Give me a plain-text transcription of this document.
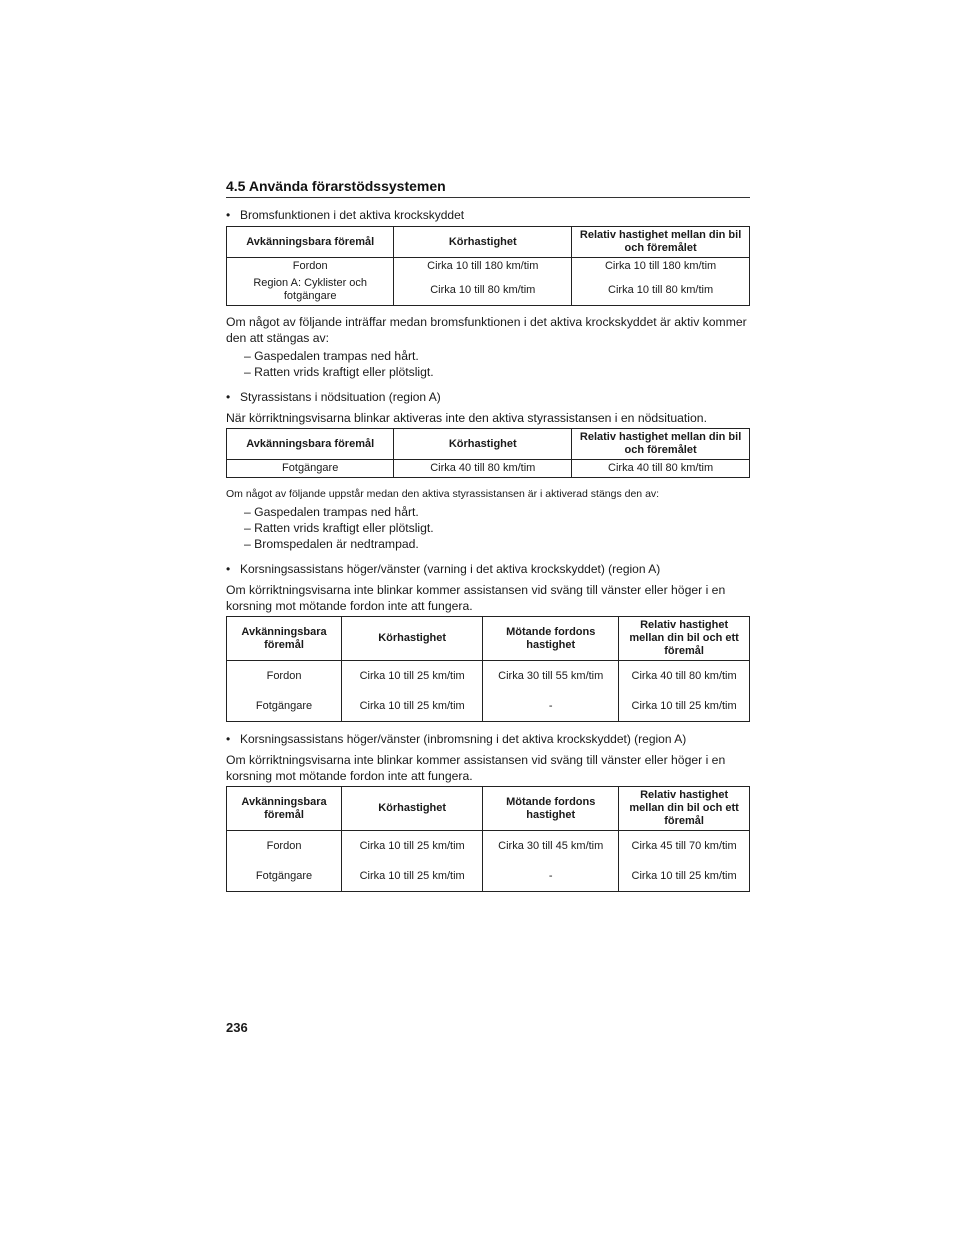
4.5 Använda förarstödssystemen
• Bromsfunktionen i det aktiva krockskyddet
Avkänningsbara föremål	Körhastighet	Relativ hastighet mellan din bil och föremålet
Fordon	Cirka 10 till 180 km/tim	Cirka 10 till 180 km/tim
Region A: Cyklister och fotgängare	Cirka 10 till 80 km/tim	Cirka 10 till 80 km/tim
Om något av följande inträffar medan bromsfunktionen i det aktiva krockskyddet är aktiv kommer den att stängas av:
– Gaspedalen trampas ned hårt.
– Ratten vrids kraftigt eller plötsligt.
• Styrassistans i nödsituation (region A)
När körriktningsvisarna blinkar aktiveras inte den aktiva styrassistansen i en nödsituation.
Avkänningsbara föremål	Körhastighet	Relativ hastighet mellan din bil och föremålet
Fotgängare	Cirka 40 till 80 km/tim	Cirka 40 till 80 km/tim
Om något av följande uppstår medan den aktiva styrassistansen är i aktiverad stängs den av:
– Gaspedalen trampas ned hårt.
– Ratten vrids kraftigt eller plötsligt.
– Bromspedalen är nedtrampad.
• Korsningsassistans höger/vänster (varning i det aktiva krockskyddet) (region A)
Om körriktningsvisarna inte blinkar kommer assistansen vid sväng till vänster eller höger i en korsning mot mötande fordon inte att fungera.
Avkänningsbara föremål	Körhastighet	Mötande fordons hastighet	Relativ hastighet mellan din bil och ett föremål
Fordon	Cirka 10 till 25 km/tim	Cirka 30 till 55 km/tim	Cirka 40 till 80 km/tim
Fotgängare	Cirka 10 till 25 km/tim	-	Cirka 10 till 25 km/tim
• Korsningsassistans höger/vänster (inbromsning i det aktiva krockskyddet) (region A)
Om körriktningsvisarna inte blinkar kommer assistansen vid sväng till vänster eller höger i en korsning mot mötande fordon inte att fungera.
Avkänningsbara föremål	Körhastighet	Mötande fordons hastighet	Relativ hastighet mellan din bil och ett föremål
Fordon	Cirka 10 till 25 km/tim	Cirka 30 till 45 km/tim	Cirka 45 till 70 km/tim
Fotgängare	Cirka 10 till 25 km/tim	-	Cirka 10 till 25 km/tim
236
